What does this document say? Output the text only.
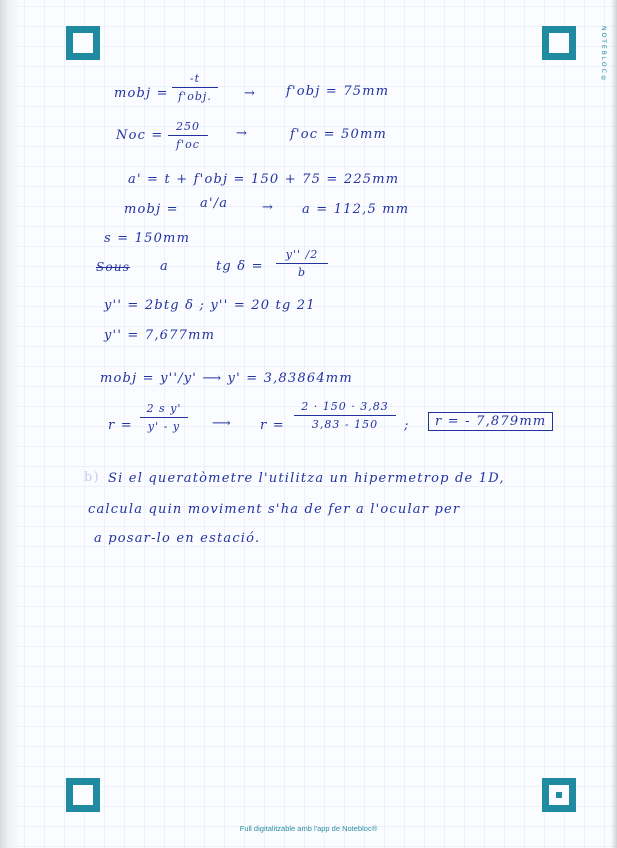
NOTEBLOC®
mobj =
-t
f'obj.	→ f'obj = 75mm
Noc =
250
f'oc
→	f'oc = 50mm
a' = t + f'obj = 150 + 75 = 225mm
mobj = a'/a	→ a = 112,5 mm
s = 150mm
Sous a	tg δ =
y'' /2
b
y'' = 2btg δ ; y'' = 20 tg 21
y'' = 7,677mm
mobj = y''/y' ⟶ y' = 3,83864mm
r =
2 s y'
y' - y	⟶ r =
2 · 150 · 3,83
3,83 - 150	;	r = - 7,879mm
b) Si el queratòmetre l'utilitza un hipermetrop de 1D,
calcula quin moviment s'ha de fer a l'ocular per
a posar-lo en estació.
Full digitalitzable amb l'app de Notebloc®
